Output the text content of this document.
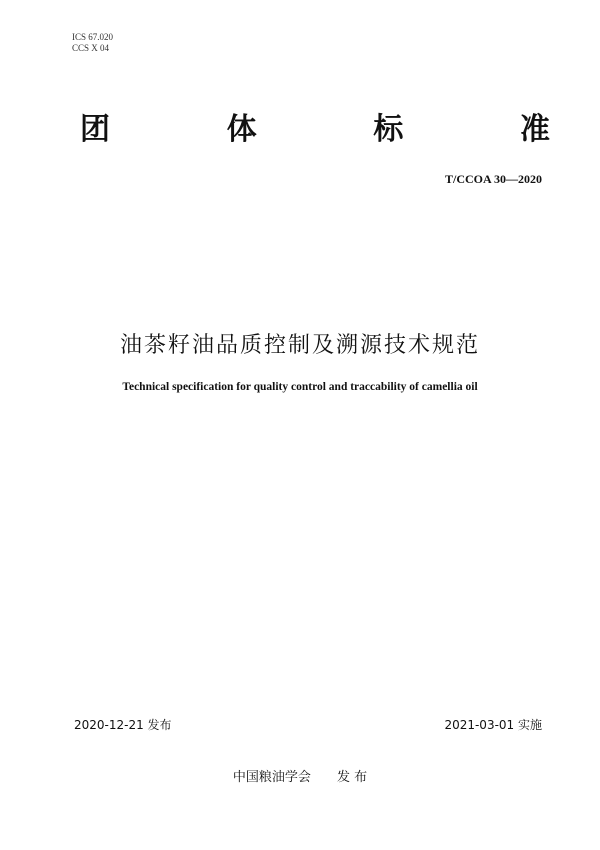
ICS 67.020
CCS X 04
团	体	标	准
T/CCOA 30—2020
油茶籽油品质控制及溯源技术规范
Technical specification for quality control and traccability of camellia oil
2020-12-21 发布	2021-03-01 实施
中国粮油学会 发 布
